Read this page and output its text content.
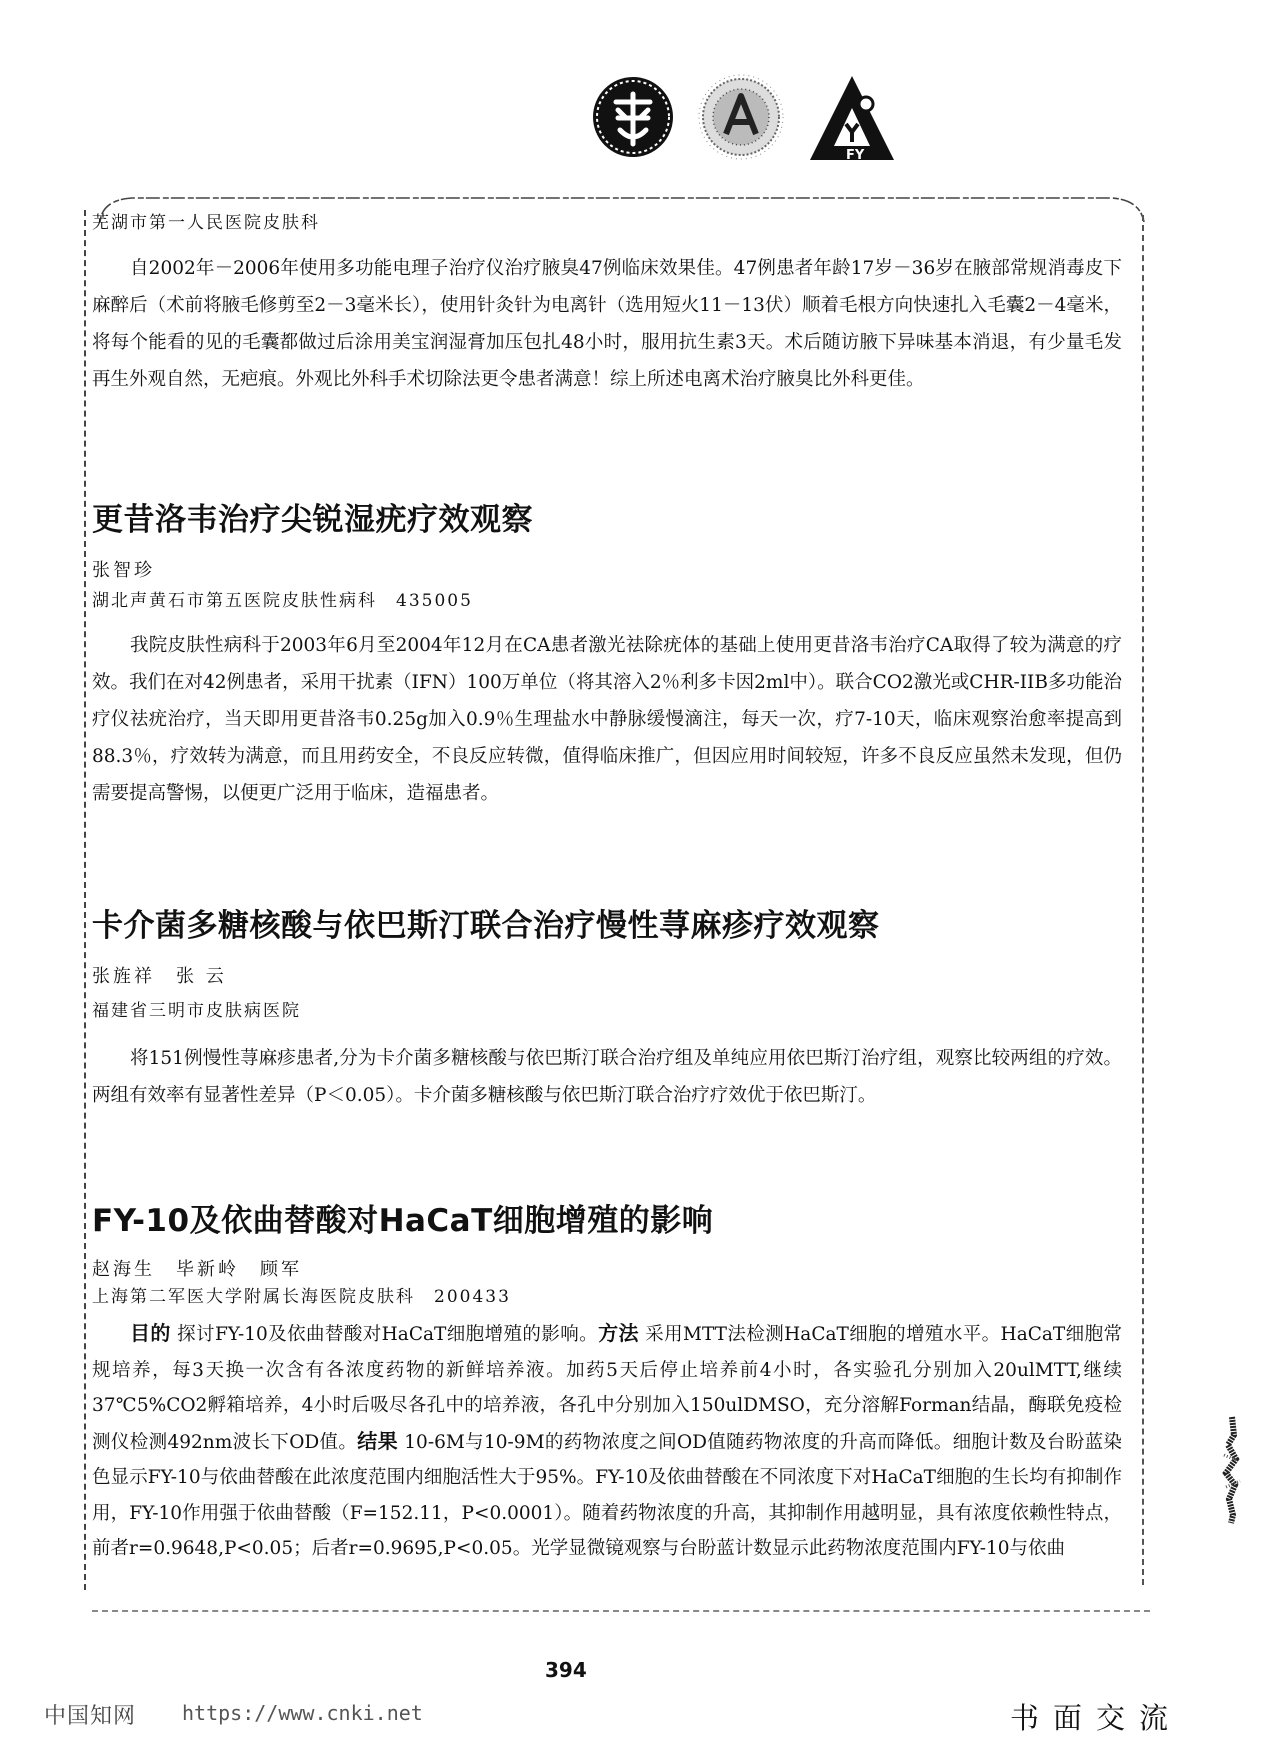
FY
芜湖市第一人民医院皮肤科
自2002年－2006年使用多功能电理子治疗仪治疗腋臭47例临床效果佳。47例患者年龄17岁－36岁在腋部常规消毒皮下麻醉后（术前将腋毛修剪至2－3毫米长），使用针灸针为电离针（选用短火11－13伏）顺着毛根方向快速扎入毛囊2－4毫米，将每个能看的见的毛囊都做过后涂用美宝润湿膏加压包扎48小时，服用抗生素3天。术后随访腋下异味基本消退，有少量毛发再生外观自然，无疤痕。外观比外科手术切除法更令患者满意！综上所述电离术治疗腋臭比外科更佳。
更昔洛韦治疗尖锐湿疣疗效观察
张智珍
湖北声黄石市第五医院皮肤性病科　435005
我院皮肤性病科于2003年6月至2004年12月在CA患者激光祛除疣体的基础上使用更昔洛韦治疗CA取得了较为满意的疗效。我们在对42例患者，采用干扰素（IFN）100万单位（将其溶入2％利多卡因2ml中）。联合CO2激光或CHR-IIB多功能治疗仪祛疣治疗，当天即用更昔洛韦0.25g加入0.9％生理盐水中静脉缓慢滴注，每天一次，疗7-10天，临床观察治愈率提高到88.3％，疗效转为满意，而且用药安全，不良反应转微，值得临床推广，但因应用时间较短，许多不良反应虽然未发现，但仍需要提高警惕，以便更广泛用于临床，造福患者。
卡介菌多糖核酸与依巴斯汀联合治疗慢性荨麻疹疗效观察
张旌祥　张 云
福建省三明市皮肤病医院
将151例慢性荨麻疹患者,分为卡介菌多糖核酸与依巴斯汀联合治疗组及单纯应用依巴斯汀治疗组，观察比较两组的疗效。两组有效率有显著性差异（P＜0.05）。卡介菌多糖核酸与依巴斯汀联合治疗疗效优于依巴斯汀。
FY-10及依曲替酸对HaCaT细胞增殖的影响
赵海生　毕新岭　顾军
上海第二军医大学附属长海医院皮肤科　200433
目的 探讨FY-10及依曲替酸对HaCaT细胞增殖的影响。方法 采用MTT法检测HaCaT细胞的增殖水平。HaCaT细胞常规培养，每3天换一次含有各浓度药物的新鲜培养液。加药5天后停止培养前4小时，各实验孔分别加入20ulMTT,继续37℃5%CO2孵箱培养，4小时后吸尽各孔中的培养液，各孔中分别加入150ulDMSO，充分溶解Forman结晶，酶联免疫检测仪检测492nm波长下OD值。结果 10-6M与10-9M的药物浓度之间OD值随药物浓度的升高而降低。细胞计数及台盼蓝染色显示FY-10与依曲替酸在此浓度范围内细胞活性大于95%。FY-10及依曲替酸在不同浓度下对HaCaT细胞的生长均有抑制作用，FY-10作用强于依曲替酸（F=152.11，P<0.0001）。随着药物浓度的升高，其抑制作用越明显，具有浓度依赖性特点，前者r=0.9648,P<0.05；后者r=0.9695,P<0.05。光学显微镜观察与台盼蓝计数显示此药物浓度范围内FY-10与依曲
394
中国知网 https://www.cnki.net	书面交流
